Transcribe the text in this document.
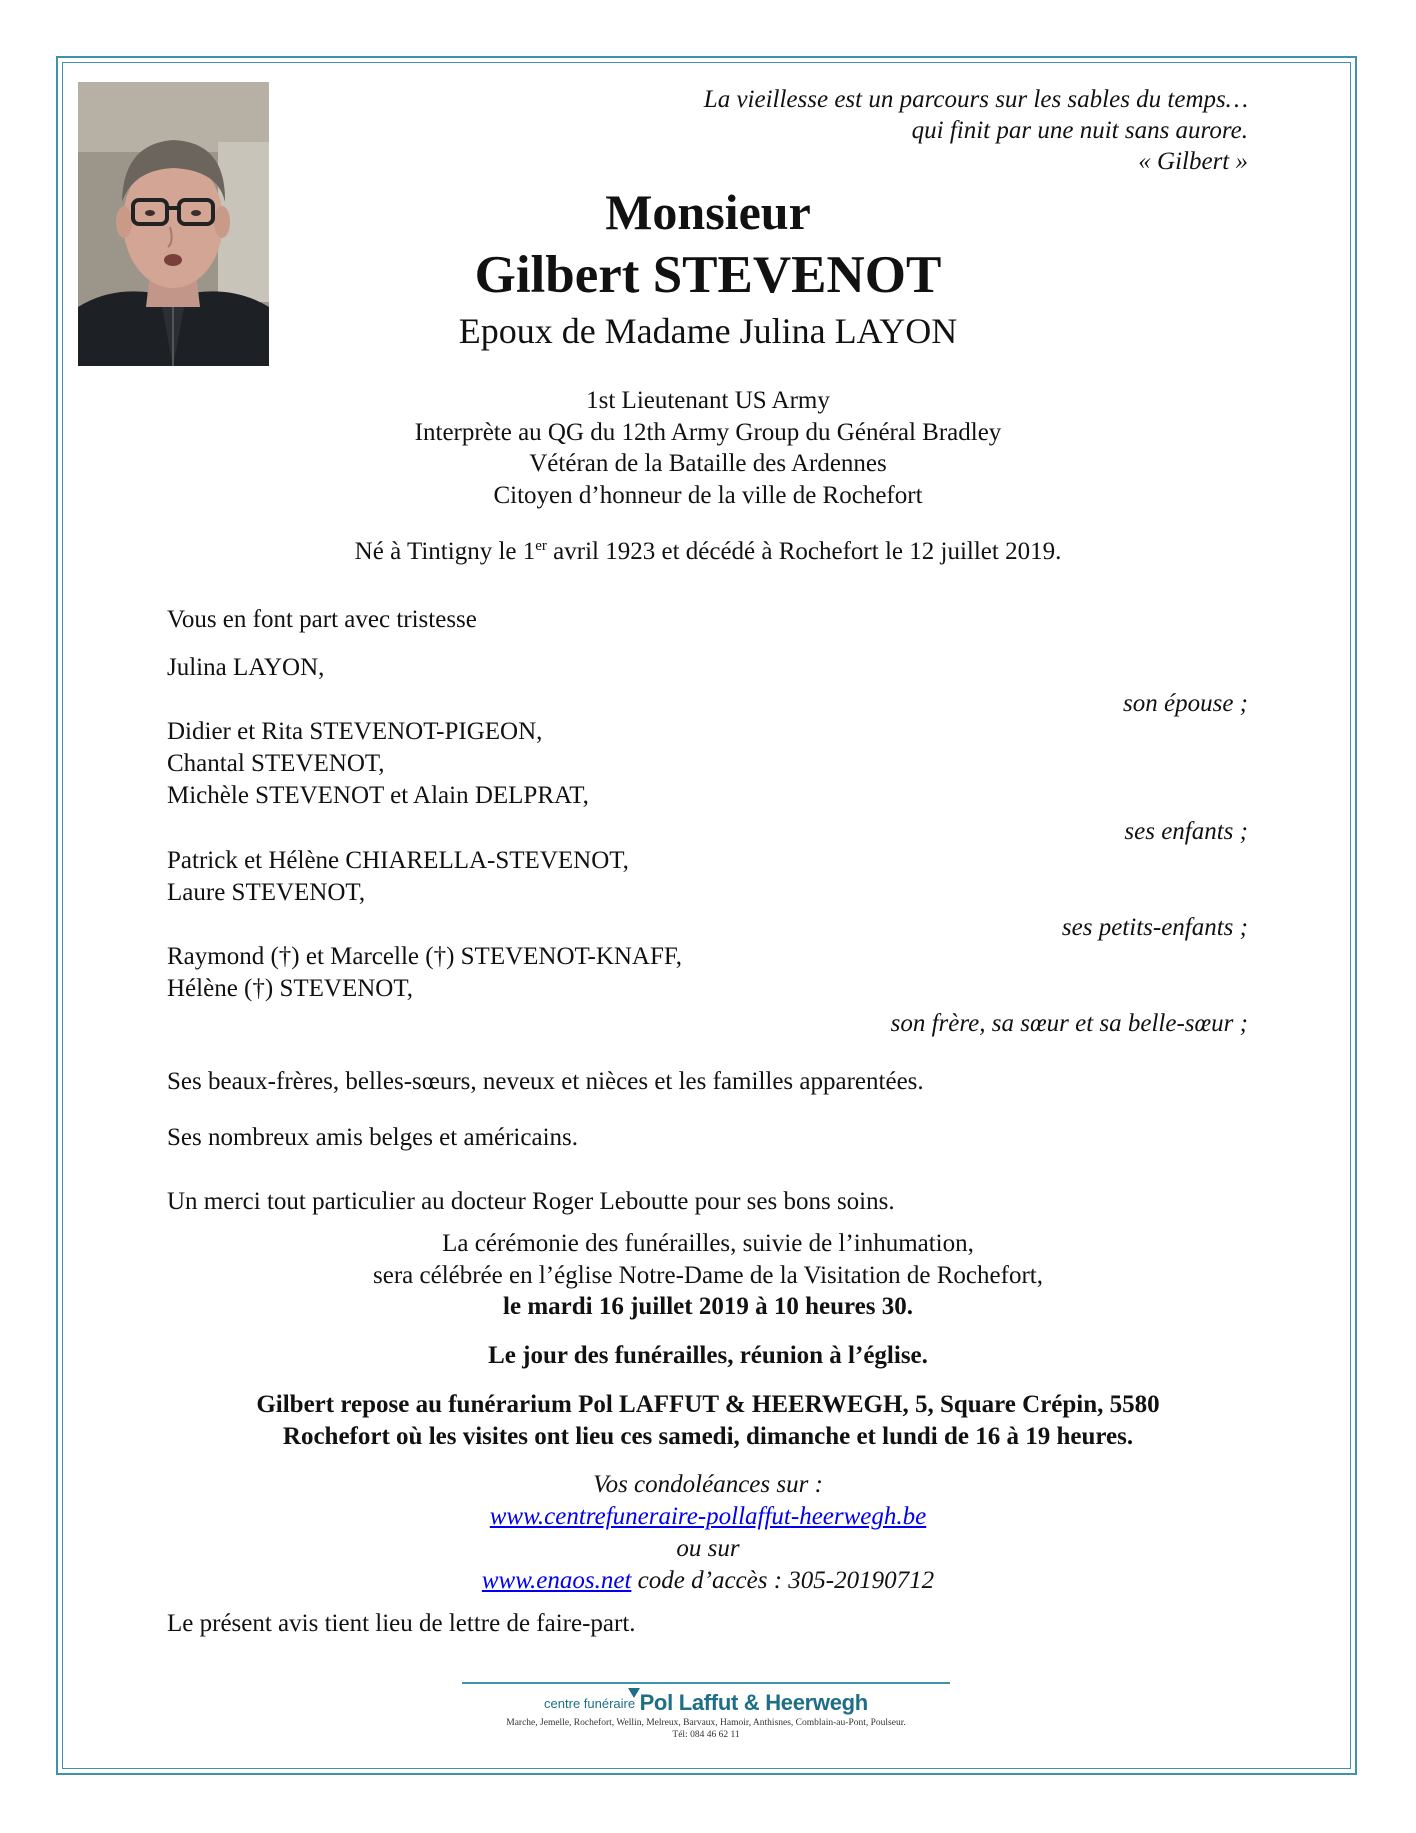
La vieillesse est un parcours sur les sables du temps…

qui finit par une nuit sans aurore.

« Gilbert »

Monsieur

Gilbert STEVENOT

Epoux de Madame Julina LAYON

1st Lieutenant US Army

Interprète au QG du 12th Army Group du Général Bradley

Vétéran de la Bataille des Ardennes

Citoyen d’honneur de la ville de Rochefort

Né à Tintigny le 1er avril 1923 et décédé à Rochefort le 12 juillet 2019.

Vous en font part avec tristesse

Julina LAYON,

son épouse ;

Didier et Rita STEVENOT-PIGEON,

Chantal STEVENOT,

Michèle STEVENOT et Alain DELPRAT,

ses enfants ;

Patrick et Hélène CHIARELLA-STEVENOT,

Laure STEVENOT,

ses petits-enfants ;

Raymond (†) et Marcelle (†) STEVENOT-KNAFF,

Hélène (†) STEVENOT,

son frère, sa sœur et sa belle-sœur ;

Ses beaux-frères, belles-sœurs, neveux et nièces et les familles apparentées.

Ses nombreux amis belges et américains.

Un merci tout particulier au docteur Roger Leboutte pour ses bons soins.

La cérémonie des funérailles, suivie de l’inhumation,

sera célébrée en l’église Notre-Dame de la Visitation de Rochefort,

le mardi 16 juillet 2019 à 10 heures 30.

Le jour des funérailles, réunion à l’église.

Gilbert repose au funérarium Pol LAFFUT & HEERWEGH, 5, Square Crépin, 5580

Rochefort où les visites ont lieu ces samedi, dimanche et lundi de 16 à 19 heures.

Vos condoléances sur :

www.centrefuneraire-pollaffut-heerwegh.be

ou sur

www.enaos.net code d’accès : 305-20190712

Le présent avis tient lieu de lettre de faire-part.

centre funéraire Pol Laffut & Heerwegh
Marche, Jemelle, Rochefort, Wellin, Melreux, Barvaux, Hamoir, Anthisnes, Comblain-au-Pont, Poulseur.
Tél: 084 46 62 11
